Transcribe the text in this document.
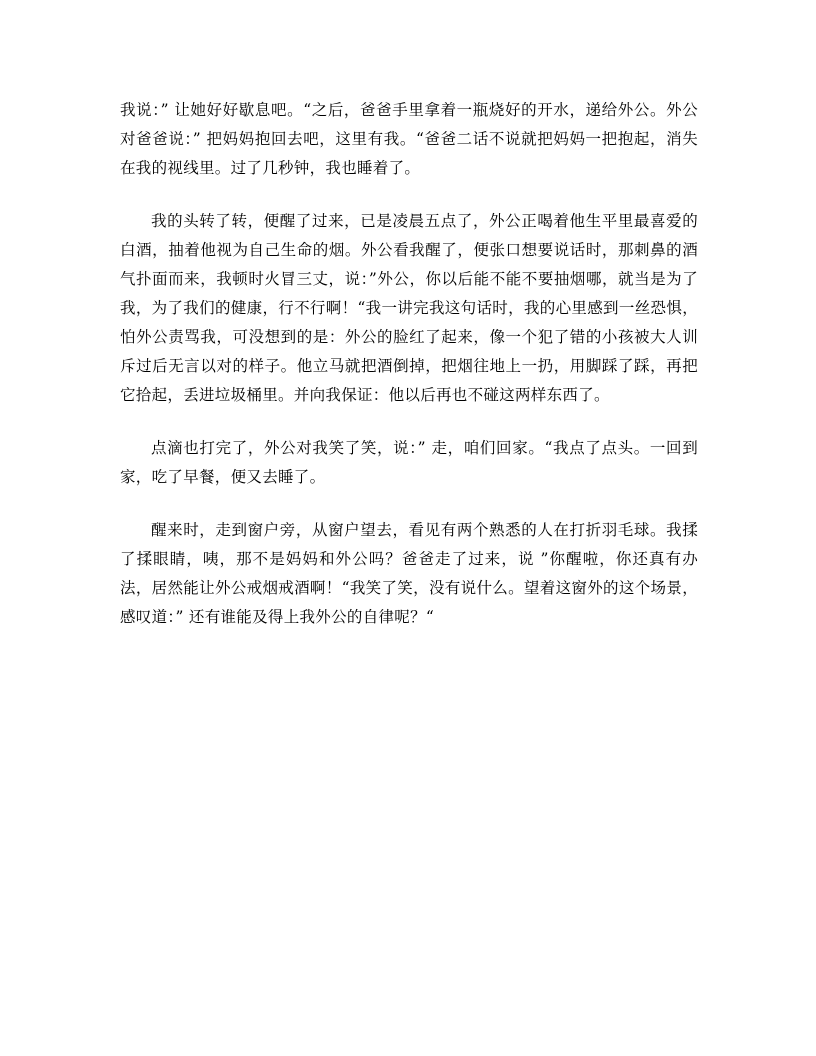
我说：” 让她好好歇息吧。“之后，爸爸手里拿着一瓶烧好的开水，递给外公。外公对爸爸说：” 把妈妈抱回去吧，这里有我。“爸爸二话不说就把妈妈一把抱起，消失在我的视线里。过了几秒钟，我也睡着了。

我的头转了转，便醒了过来，已是凌晨五点了，外公正喝着他生平里最喜爱的白酒，抽着他视为自己生命的烟。外公看我醒了，便张口想要说话时，那刺鼻的酒气扑面而来，我顿时火冒三丈，说：”外公，你以后能不能不要抽烟哪，就当是为了我，为了我们的健康，行不行啊！“我一讲完我这句话时，我的心里感到一丝恐惧，怕外公责骂我，可没想到的是：外公的脸红了起来，像一个犯了错的小孩被大人训斥过后无言以对的样子。他立马就把酒倒掉，把烟往地上一扔，用脚踩了踩，再把它拾起，丢进垃圾桶里。并向我保证：他以后再也不碰这两样东西了。

点滴也打完了，外公对我笑了笑，说：” 走，咱们回家。“我点了点头。一回到家，吃了早餐，便又去睡了。

醒来时，走到窗户旁，从窗户望去，看见有两个熟悉的人在打折羽毛球。我揉了揉眼睛，咦，那不是妈妈和外公吗？爸爸走了过来，说 ”你醒啦，你还真有办法，居然能让外公戒烟戒酒啊！“我笑了笑，没有说什么。望着这窗外的这个场景，感叹道：” 还有谁能及得上我外公的自律呢？“
